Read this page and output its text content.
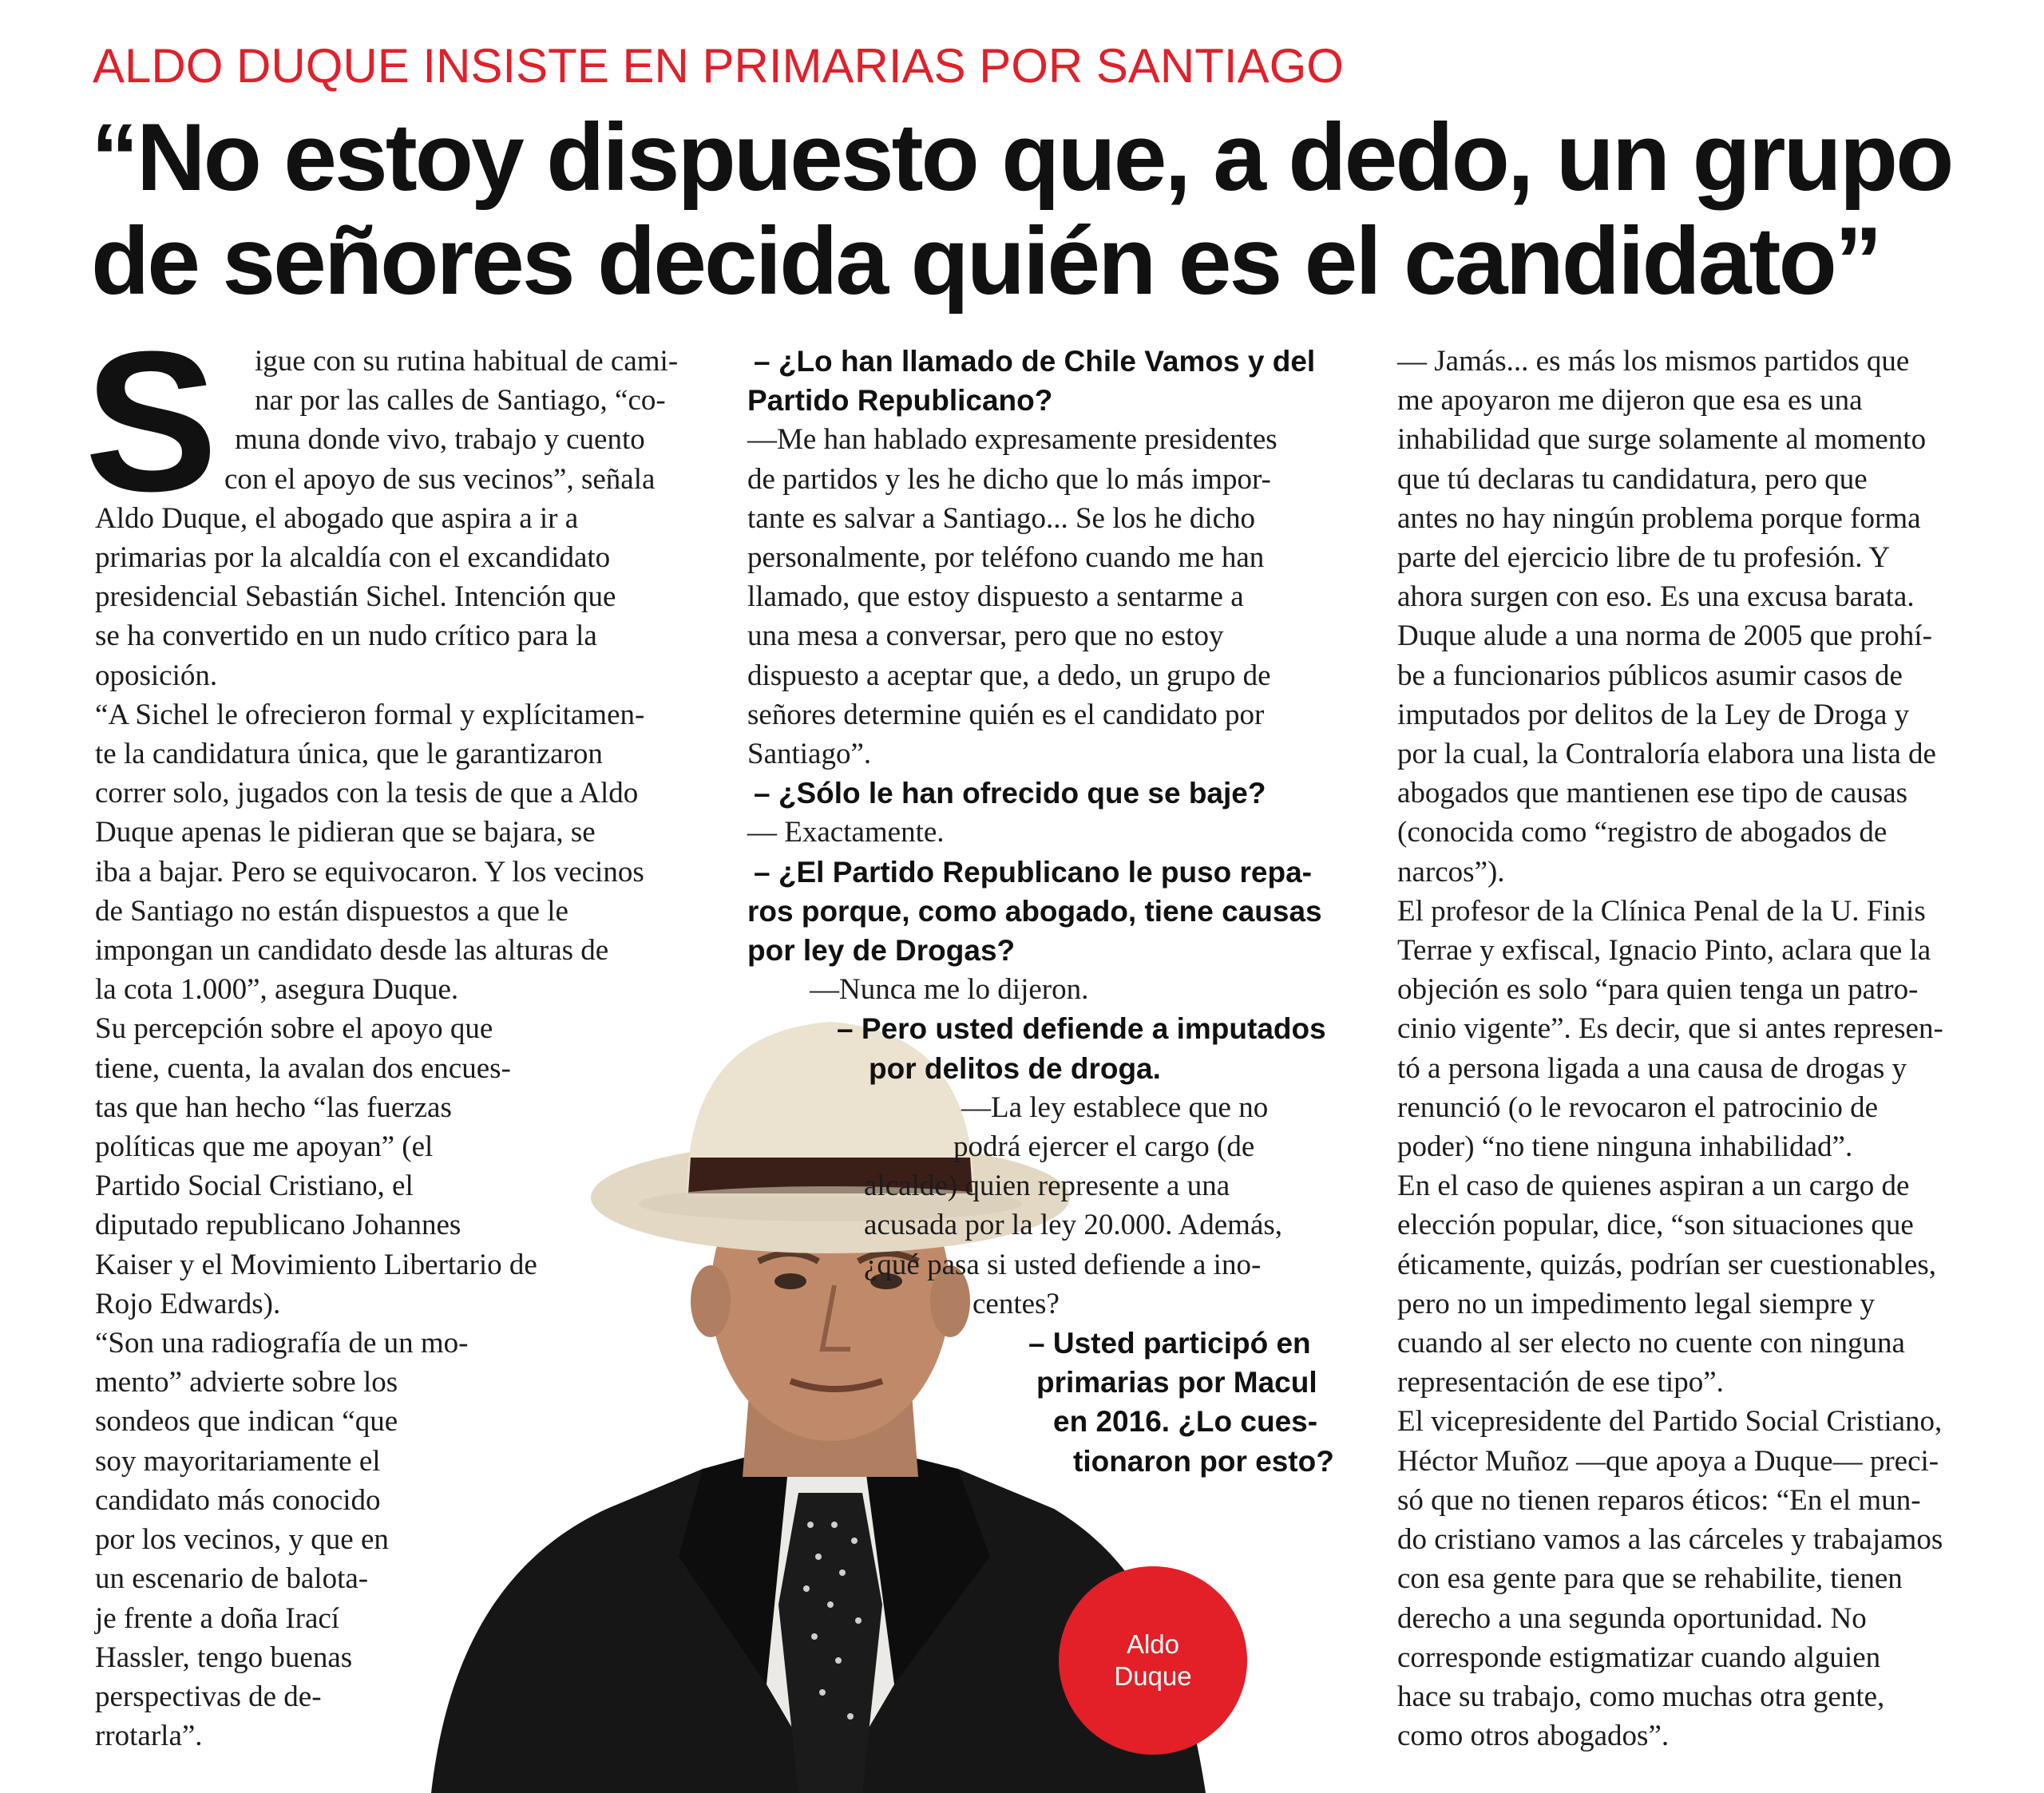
ALDO DUQUE INSISTE EN PRIMARIAS POR SANTIAGO
“No estoy dispuesto que, a dedo, un grupo
de señores decida quién es el candidato”
S
Aldo
Duque

igue con su rutina habitual de cami-

nar por las calles de Santiago, “co-

muna donde vivo, trabajo y cuento

con el apoyo de sus vecinos”, señala

Aldo Duque, el abogado que aspira a ir a

primarias por la alcaldía con el excandidato

presidencial Sebastián Sichel. Intención que

se ha convertido en un nudo crítico para la

oposición.

“A Sichel le ofrecieron formal y explícitamen-

te la candidatura única, que le garantizaron

correr solo, jugados con la tesis de que a Aldo

Duque apenas le pidieran que se bajara, se

iba a bajar. Pero se equivocaron. Y los vecinos

de Santiago no están dispuestos a que le

impongan un candidato desde las alturas de

la cota 1.000”, asegura Duque.

Su percepción sobre el apoyo que

tiene, cuenta, la avalan dos encues-

tas que han hecho “las fuerzas

políticas que me apoyan” (el

Partido Social Cristiano, el

diputado republicano Johannes

Kaiser y el Movimiento Libertario de

Rojo Edwards).

“Son una radiografía de un mo-

mento” advierte sobre los

sondeos que indican “que

soy mayoritariamente el

candidato más conocido

por los vecinos, y que en

un escenario de balota-

je frente a doña Irací

Hassler, tengo buenas

perspectivas de de-

rrotarla”.

– ¿Lo han llamado de Chile Vamos y del

Partido Republicano?

—Me han hablado expresamente presidentes

de partidos y les he dicho que lo más impor-

tante es salvar a Santiago... Se los he dicho

personalmente, por teléfono cuando me han

llamado, que estoy dispuesto a sentarme a

una mesa a conversar, pero que no estoy

dispuesto a aceptar que, a dedo, un grupo de

señores determine quién es el candidato por

Santiago”.

– ¿Sólo le han ofrecido que se baje?

— Exactamente.

– ¿El Partido Republicano le puso repa-

ros porque, como abogado, tiene causas

por ley de Drogas?

—Nunca me lo dijeron.

– Pero usted defiende a imputados

por delitos de droga.

—La ley establece que no

podrá ejercer el cargo (de

alcalde) quien represente a una

acusada por la ley 20.000. Además,

¿qué pasa si usted defiende a ino-

centes?

– Usted participó en

primarias por Macul

en 2016. ¿Lo cues-

tionaron por esto?

— Jamás... es más los mismos partidos que

me apoyaron me dijeron que esa es una

inhabilidad que surge solamente al momento

que tú declaras tu candidatura, pero que

antes no hay ningún problema porque forma

parte del ejercicio libre de tu profesión. Y

ahora surgen con eso. Es una excusa barata.

Duque alude a una norma de 2005 que prohí-

be a funcionarios públicos asumir casos de

imputados por delitos de la Ley de Droga y

por la cual, la Contraloría elabora una lista de

abogados que mantienen ese tipo de causas

(conocida como “registro de abogados de

narcos”).

El profesor de la Clínica Penal de la U. Finis

Terrae y exfiscal, Ignacio Pinto, aclara que la

objeción es solo “para quien tenga un patro-

cinio vigente”. Es decir, que si antes represen-

tó a persona ligada a una causa de drogas y

renunció (o le revocaron el patrocinio de

poder) “no tiene ninguna inhabilidad”.

En el caso de quienes aspiran a un cargo de

elección popular, dice, “son situaciones que

éticamente, quizás, podrían ser cuestionables,

pero no un impedimento legal siempre y

cuando al ser electo no cuente con ninguna

representación de ese tipo”.

El vicepresidente del Partido Social Cristiano,

Héctor Muñoz —que apoya a Duque— preci-

só que no tienen reparos éticos: “En el mun-

do cristiano vamos a las cárceles y trabajamos

con esa gente para que se rehabilite, tienen

derecho a una segunda oportunidad. No

corresponde estigmatizar cuando alguien

hace su trabajo, como muchas otra gente,

como otros abogados”.
